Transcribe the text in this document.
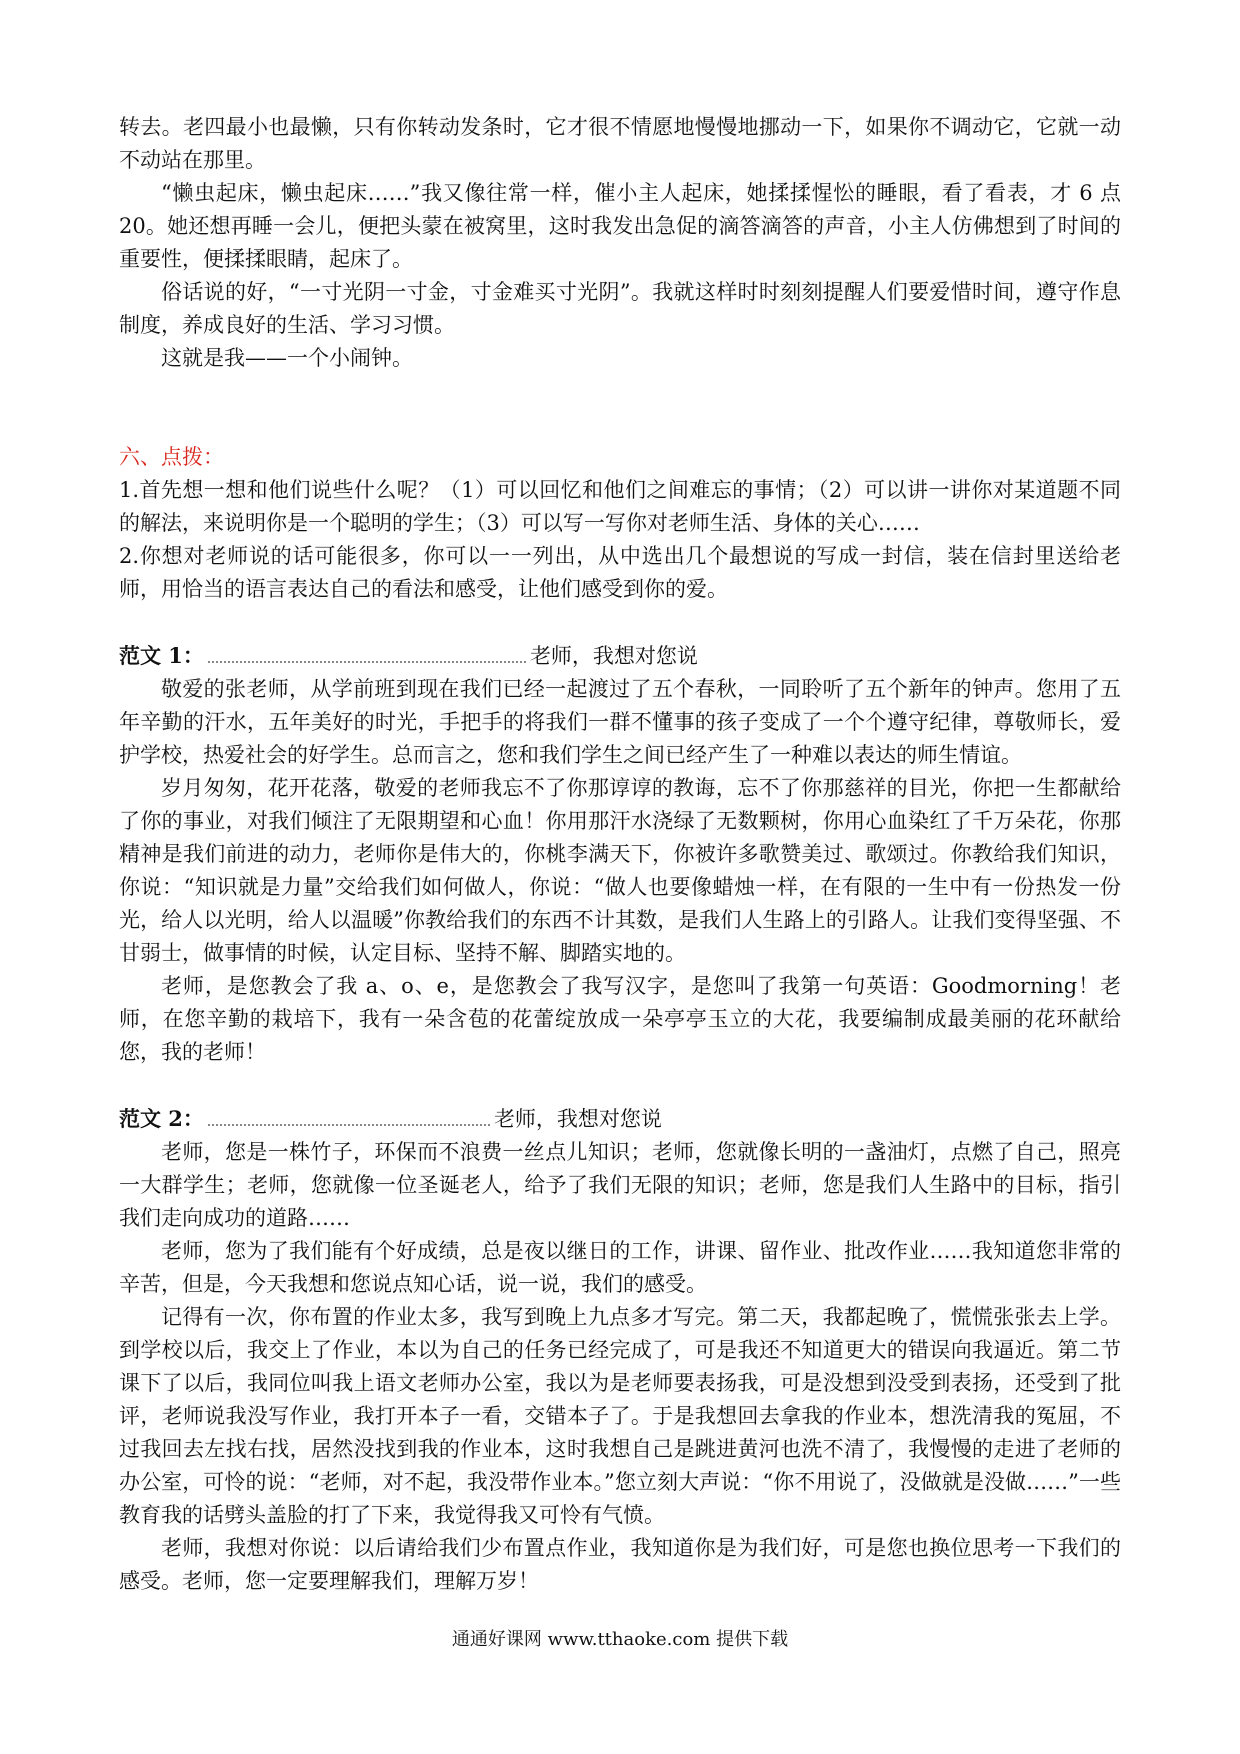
转去。老四最小也最懒，只有你转动发条时，它才很不情愿地慢慢地挪动一下，如果你不调动它，它就一动不动站在那里。

“懒虫起床，懒虫起床……”我又像往常一样，催小主人起床，她揉揉惺忪的睡眼，看了看表，才 6 点 20。她还想再睡一会儿，便把头蒙在被窝里，这时我发出急促的滴答滴答的声音，小主人仿佛想到了时间的重要性，便揉揉眼睛，起床了。

俗话说的好，“一寸光阴一寸金，寸金难买寸光阴”。我就这样时时刻刻提醒人们要爱惜时间，遵守作息制度，养成良好的生活、学习习惯。

这就是我——一个小闹钟。

六、点拨：

1.首先想一想和他们说些什么呢？（1）可以回忆和他们之间难忘的事情；（2）可以讲一讲你对某道题不同的解法，来说明你是一个聪明的学生；（3）可以写一写你对老师生活、身体的关心……

2.你想对老师说的话可能很多，你可以一一列出，从中选出几个最想说的写成一封信，装在信封里送给老师，用恰当的语言表达自己的看法和感受，让他们感受到你的爱。

范文 1：	老师，我想对您说

敬爱的张老师，从学前班到现在我们已经一起渡过了五个春秋，一同聆听了五个新年的钟声。您用了五年辛勤的汗水，五年美好的时光，手把手的将我们一群不懂事的孩子变成了一个个遵守纪律，尊敬师长，爱护学校，热爱社会的好学生。总而言之，您和我们学生之间已经产生了一种难以表达的师生情谊。

岁月匆匆，花开花落，敬爱的老师我忘不了你那谆谆的教诲，忘不了你那慈祥的目光，你把一生都献给了你的事业，对我们倾注了无限期望和心血！你用那汗水浇绿了无数颗树，你用心血染红了千万朵花，你那精神是我们前进的动力，老师你是伟大的，你桃李满天下，你被许多歌赞美过、歌颂过。你教给我们知识，你说：“知识就是力量”交给我们如何做人，你说：“做人也要像蜡烛一样，在有限的一生中有一份热发一份光，给人以光明，给人以温暖”你教给我们的东西不计其数，是我们人生路上的引路人。让我们变得坚强、不甘弱士，做事情的时候，认定目标、坚持不解、脚踏实地的。

老师，是您教会了我 a、o、e，是您教会了我写汉字，是您叫了我第一句英语：Goodmorning！老师，在您辛勤的栽培下，我有一朵含苞的花蕾绽放成一朵亭亭玉立的大花，我要编制成最美丽的花环献给您，我的老师！

范文 2：	老师，我想对您说

老师，您是一株竹子，环保而不浪费一丝点儿知识；老师，您就像长明的一盏油灯，点燃了自己，照亮一大群学生；老师，您就像一位圣诞老人，给予了我们无限的知识；老师，您是我们人生路中的目标，指引我们走向成功的道路……

老师，您为了我们能有个好成绩，总是夜以继日的工作，讲课、留作业、批改作业……我知道您非常的辛苦，但是，今天我想和您说点知心话，说一说，我们的感受。

记得有一次，你布置的作业太多，我写到晚上九点多才写完。第二天，我都起晚了，慌慌张张去上学。到学校以后，我交上了作业，本以为自己的任务已经完成了，可是我还不知道更大的错误向我逼近。第二节课下了以后，我同位叫我上语文老师办公室，我以为是老师要表扬我，可是没想到没受到表扬，还受到了批评，老师说我没写作业，我打开本子一看，交错本子了。于是我想回去拿我的作业本，想洗清我的冤屈，不过我回去左找右找，居然没找到我的作业本，这时我想自己是跳进黄河也洗不清了，我慢慢的走进了老师的办公室，可怜的说：“老师，对不起，我没带作业本。”您立刻大声说：“你不用说了，没做就是没做……”一些教育我的话劈头盖脸的打了下来，我觉得我又可怜有气愤。

老师，我想对你说：以后请给我们少布置点作业，我知道你是为我们好，可是您也换位思考一下我们的感受。老师，您一定要理解我们，理解万岁！

通通好课网 www.tthaoke.com 提供下载
